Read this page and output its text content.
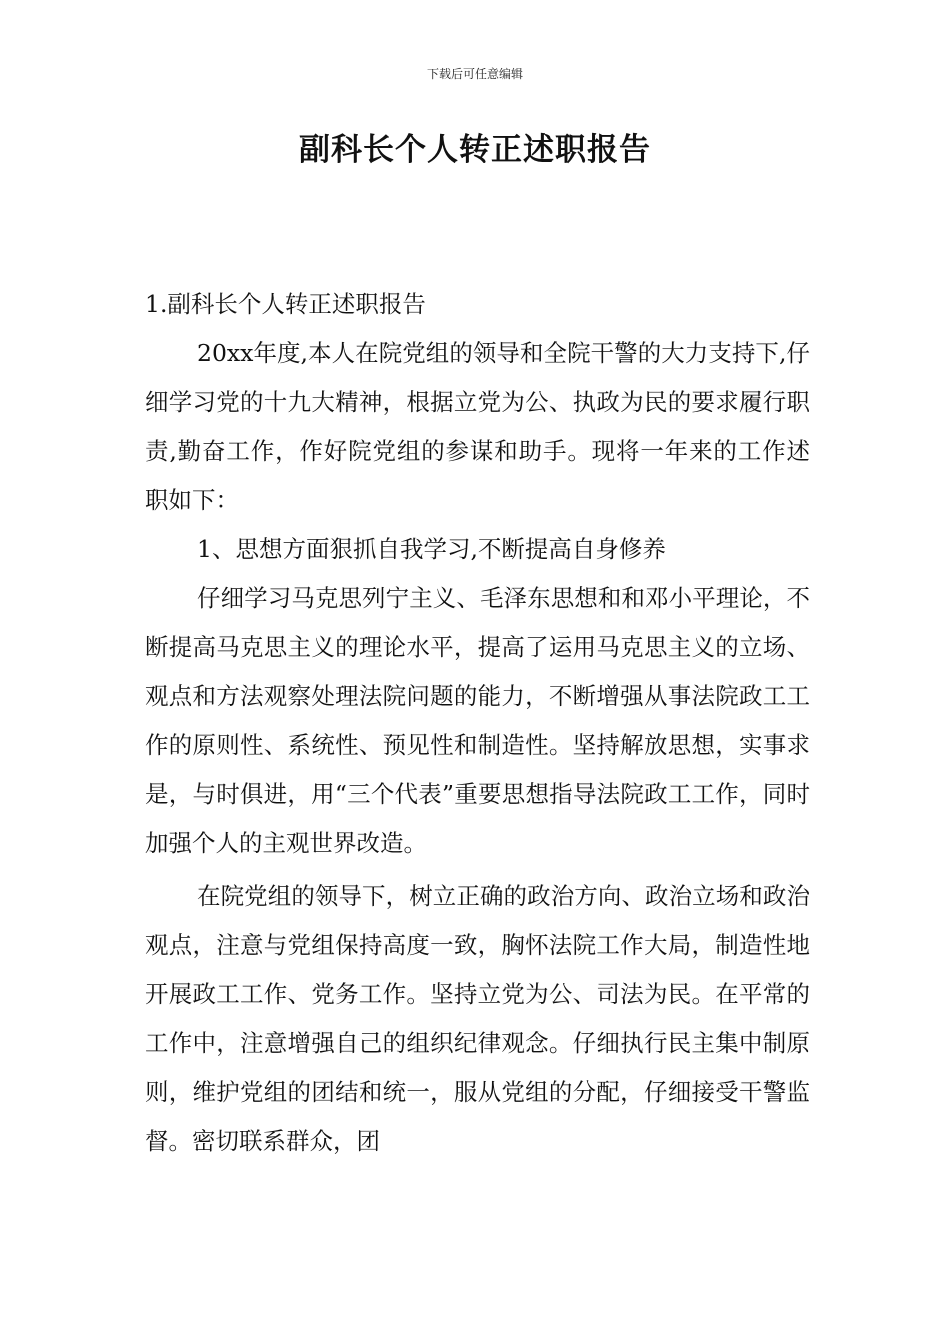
下载后可任意编辑
副科长个人转正述职报告

1.副科长个人转正述职报告

20xx年度,本人在院党组的领导和全院干警的大力支持下,仔细学习党的十九大精神，根据立党为公、执政为民的要求履行职责,勤奋工作，作好院党组的参谋和助手。现将一年来的工作述职如下：

1、思想方面狠抓自我学习,不断提高自身修养

仔细学习马克思列宁主义、毛泽东思想和和邓小平理论，不断提高马克思主义的理论水平，提高了运用马克思主义的立场、观点和方法观察处理法院问题的能力，不断增强从事法院政工工作的原则性、系统性、预见性和制造性。坚持解放思想，实事求是，与时俱进，用“三个代表”重要思想指导法院政工工作，同时加强个人的主观世界改造。

在院党组的领导下，树立正确的政治方向、政治立场和政治观点，注意与党组保持高度一致，胸怀法院工作大局，制造性地开展政工工作、党务工作。坚持立党为公、司法为民。在平常的工作中，注意增强自己的组织纪律观念。仔细执行民主集中制原则，维护党组的团结和统一，服从党组的分配，仔细接受干警监督。密切联系群众，团
